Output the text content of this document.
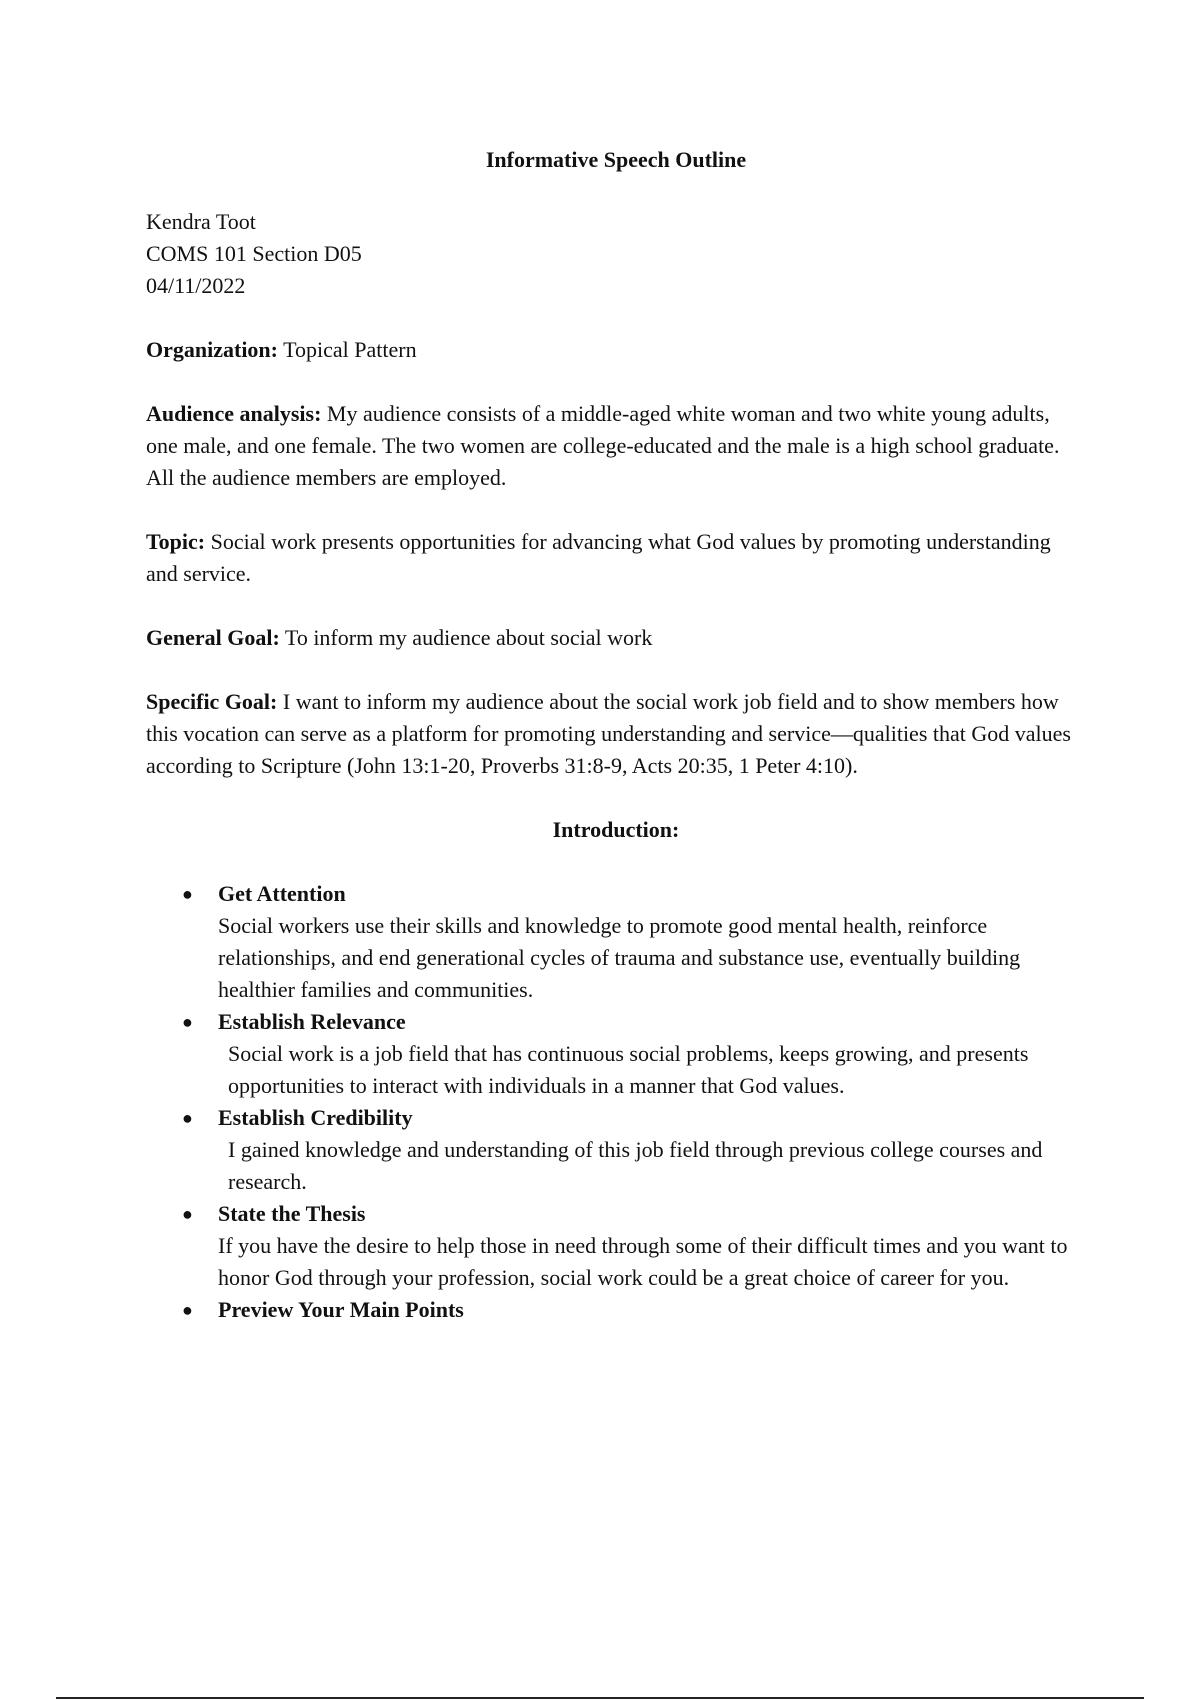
Informative Speech Outline

Kendra Toot

COMS 101 Section D05

04/11/2022

Organization: Topical Pattern

Audience analysis: My audience consists of a middle-aged white woman and two white young adults, one male, and one female. The two women are college-educated and the male is a high school graduate. All the audience members are employed.

Topic: Social work presents opportunities for advancing what God values by promoting understanding and service.

General Goal: To inform my audience about social work

Specific Goal: I want to inform my audience about the social work job field and to show members how this vocation can serve as a platform for promoting understanding and service—qualities that God values according to Scripture (John 13:1-20, Proverbs 31:8-9, Acts 20:35, 1 Peter 4:10).

Introduction:

● Get Attention
Social workers use their skills and knowledge to promote good mental health, reinforce relationships, and end generational cycles of trauma and substance use, eventually building healthier families and communities.
● Establish Relevance
Social work is a job field that has continuous social problems, keeps growing, and presents opportunities to interact with individuals in a manner that God values.
● Establish Credibility
I gained knowledge and understanding of this job field through previous college courses and research.
● State the Thesis
If you have the desire to help those in need through some of their difficult times and you want to honor God through your profession, social work could be a great choice of career for you.
● Preview Your Main Points
